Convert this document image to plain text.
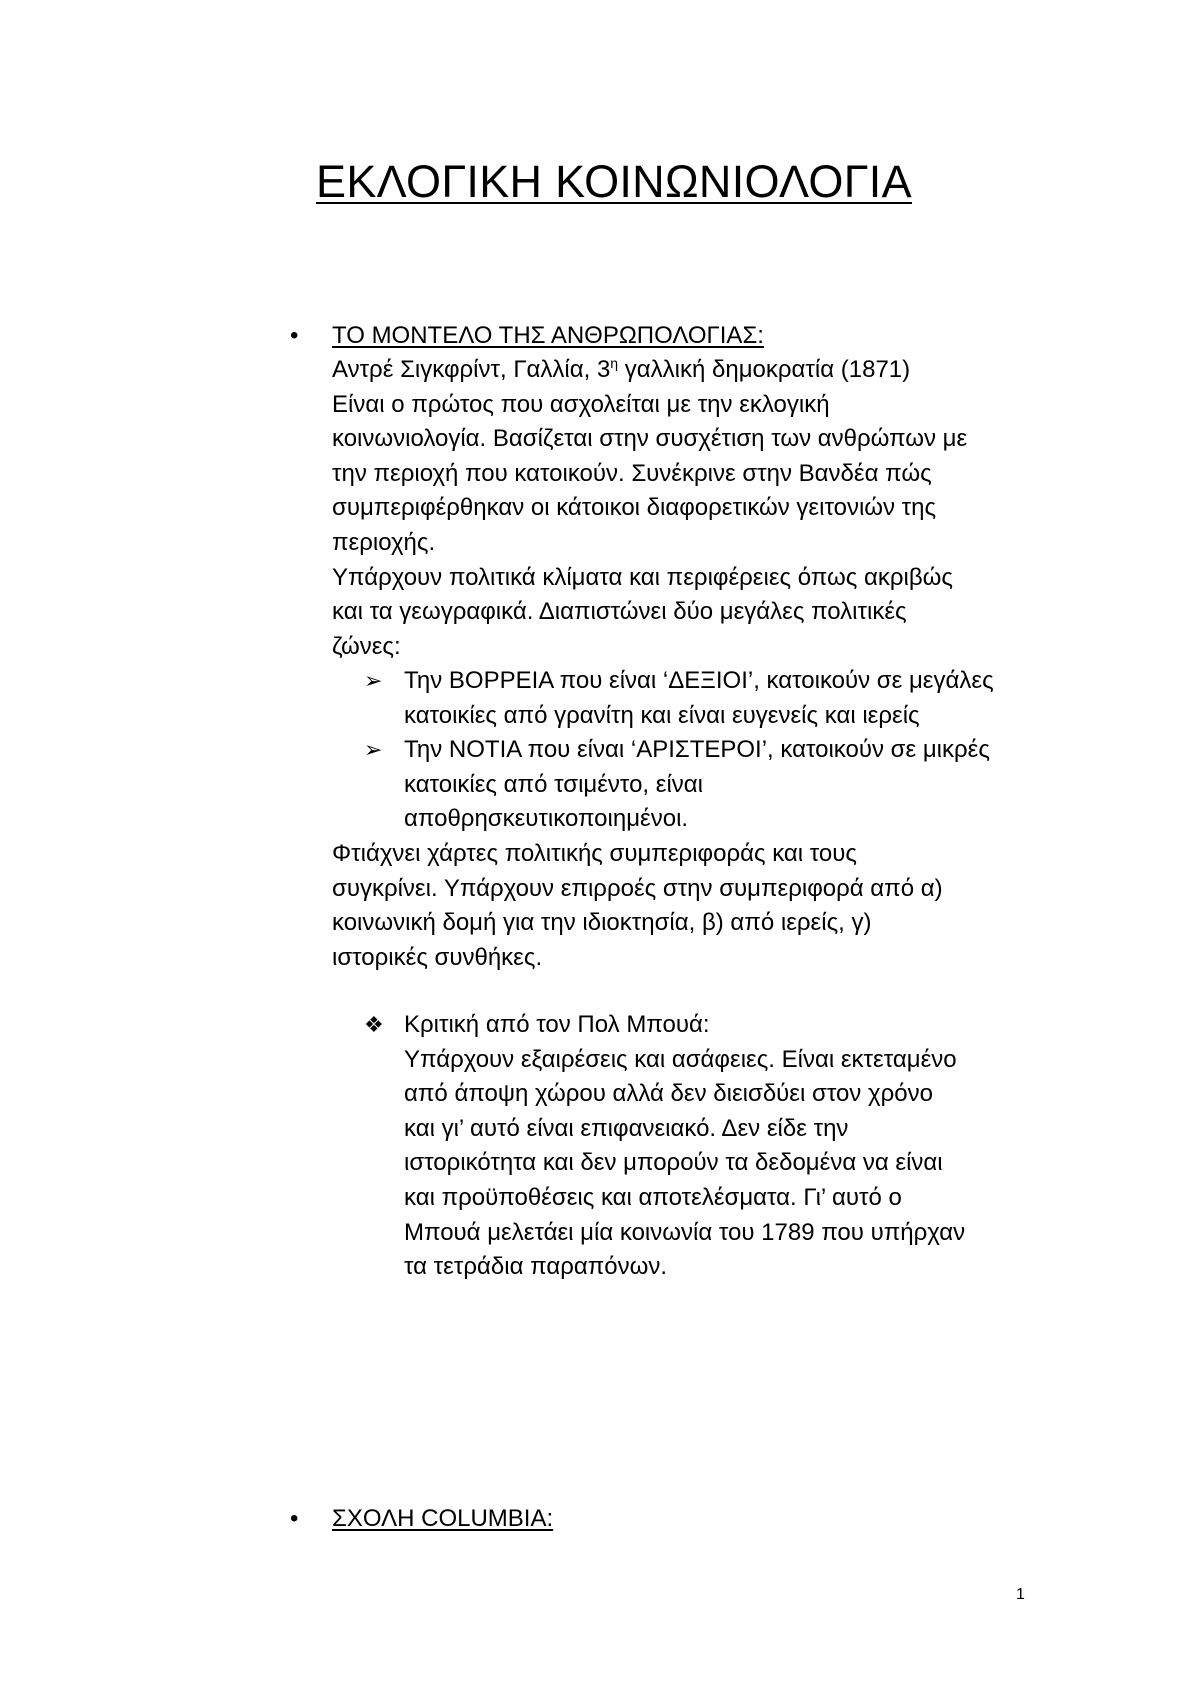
ΕΚΛΟΓΙΚΗ ΚΟΙΝΩΝΙΟΛΟΓΙΑ
• ΤΟ ΜΟΝΤΕΛΟ ΤΗΣ ΑΝΘΡΩΠΟΛΟΓΙΑΣ:
Αντρέ Σιγκφρίντ, Γαλλία, $3^\eta$ γαλλική δημοκρατία (1871)
Είναι ο πρώτος που ασχολείται με την εκλογική
κοινωνιολογία. Βασίζεται στην συσχέτιση των ανθρώπων με
την περιοχή που κατοικούν. Συνέκρινε στην Βανδέα πώς
συμπεριφέρθηκαν οι κάτοικοι διαφορετικών γειτονιών της
περιοχής.
Υπάρχουν πολιτικά κλίματα και περιφέρειες όπως ακριβώς
και τα γεωγραφικά. Διαπιστώνει δύο μεγάλες πολιτικές
ζώνες:
➢ Την ΒΟΡΡΕΙΑ που είναι ‘ΔΕΞΙΟΙ’, κατοικούν σε μεγάλες
κατοικίες από γρανίτη και είναι ευγενείς και ιερείς
➢ Την ΝΟΤΙΑ που είναι ‘ΑΡΙΣΤΕΡΟΙ’, κατοικούν σε μικρές
κατοικίες από τσιμέντο, είναι
αποθρησκευτικοποιημένοι.
Φτιάχνει χάρτες πολιτικής συμπεριφοράς και τους
συγκρίνει. Υπάρχουν επιρροές στην συμπεριφορά από α)
κοινωνική δομή για την ιδιοκτησία, β) από ιερείς, γ)
ιστορικές συνθήκες.
❖ Κριτική από τον Πολ Μπουά:
Υπάρχουν εξαιρέσεις και ασάφειες. Είναι εκτεταμένο
από άποψη χώρου αλλά δεν διεισδύει στον χρόνο
και γι’ αυτό είναι επιφανειακό. Δεν είδε την
ιστορικότητα και δεν μπορούν τα δεδομένα να είναι
και προϋποθέσεις και αποτελέσματα. Γι’ αυτό ο
Μπουά μελετάει μία κοινωνία του 1789 που υπήρχαν
τα τετράδια παραπόνων.
• ΣΧΟΛΗ COLUMBIA:
1
